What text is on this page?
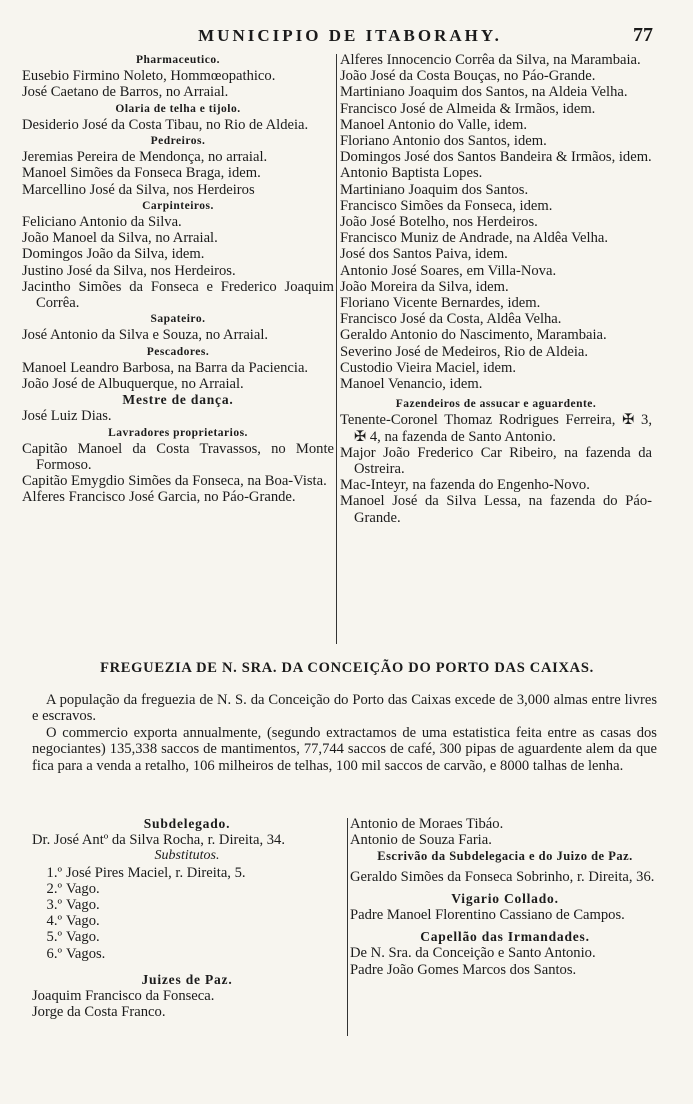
MUNICIPIO DE ITABORAHY.	77

Pharmaceutico.

Eusebio Firmino Noleto, Hommœopathico.

José Caetano de Barros, no Arraial.

Olaria de telha e tijolo.

Desiderio José da Costa Tibau, no Rio de Aldeia.

Pedreiros.

Jeremias Pereira de Mendonça, no arraial.

Manoel Simões da Fonseca Braga, idem.

Marcellino José da Silva, nos Herdeiros

Carpinteiros.

Feliciano Antonio da Silva.

João Manoel da Silva, no Arraial.

Domingos João da Silva, idem.

Justino José da Silva, nos Herdeiros.

Jacintho Simões da Fonseca e Frederico Joaquim Corrêa.

Sapateiro.

José Antonio da Silva e Souza, no Arraial.

Pescadores.

Manoel Leandro Barbosa, na Barra da Paciencia.

João José de Albuquerque, no Arraial.

Mestre de dança.

José Luiz Dias.

Lavradores proprietarios.

Capitão Manoel da Costa Travassos, no Monte Formoso.

Capitão Emygdio Simões da Fonseca, na Boa-Vista.

Alferes Francisco José Garcia, no Páo-Grande.

Alferes Innocencio Corrêa da Silva, na Marambaia.

João José da Costa Bouças, no Páo-Grande.

Martiniano Joaquim dos Santos, na Aldeia Velha.

Francisco José de Almeida & Irmãos, idem.

Manoel Antonio do Valle, idem.

Floriano Antonio dos Santos, idem.

Domingos José dos Santos Bandeira & Irmãos, idem.

Antonio Baptista Lopes.

Martiniano Joaquim dos Santos.

Francisco Simões da Fonseca, idem.

João José Botelho, nos Herdeiros.

Francisco Muniz de Andrade, na Aldêa Velha.

José dos Santos Paiva, idem.

Antonio José Soares, em Villa-Nova.

João Moreira da Silva, idem.

Floriano Vicente Bernardes, idem.

Francisco José da Costa, Aldêa Velha.

Geraldo Antonio do Nascimento, Marambaia.

Severino José de Medeiros, Rio de Aldeia.

Custodio Vieira Maciel, idem.

Manoel Venancio, idem.

Fazendeiros de assucar e aguardente.

Tenente-Coronel Thomaz Rodrigues Ferreira, ✠ 3, ✠ 4, na fazenda de Santo Antonio.

Major João Frederico Car Ribeiro, na fazenda da Ostreira.

Mac-Inteyr, na fazenda do Engenho-Novo.

Manoel José da Silva Lessa, na fazenda do Páo-Grande.

FREGUEZIA DE N. SRA. DA CONCEIÇÃO DO PORTO DAS CAIXAS.

A população da freguezia de N. S. da Conceição do Porto das Caixas excede de 3,000 almas entre livres e escravos.

O commercio exporta annualmente, (segundo extractamos de uma estatistica feita entre as casas dos negociantes) 135,338 saccos de mantimentos, 77,744 saccos de café, 300 pipas de aguardente alem da que fica para a venda a retalho, 106 milheiros de telhas, 100 mil saccos de carvão, e 8000 talhas de lenha.

Subdelegado.

Dr. José Antº da Silva Rocha, r. Direita, 34.

Substitutos.

1.º José Pires Maciel, r. Direita, 5.

2.º Vago.

3.º Vago.

4.º Vago.

5.º Vago.

6.º Vagos.

Juizes de Paz.

Joaquim Francisco da Fonseca.

Jorge da Costa Franco.

Antonio de Moraes Tibáo.

Antonio de Souza Faria.

Escrivão da Subdelegacia e do Juizo de Paz.

Geraldo Simões da Fonseca Sobrinho, r. Direita, 36.

Vigario Collado.

Padre Manoel Florentino Cassiano de Campos.

Capellão das Irmandades.

De N. Sra. da Conceição e Santo Antonio.

Padre João Gomes Marcos dos Santos.
